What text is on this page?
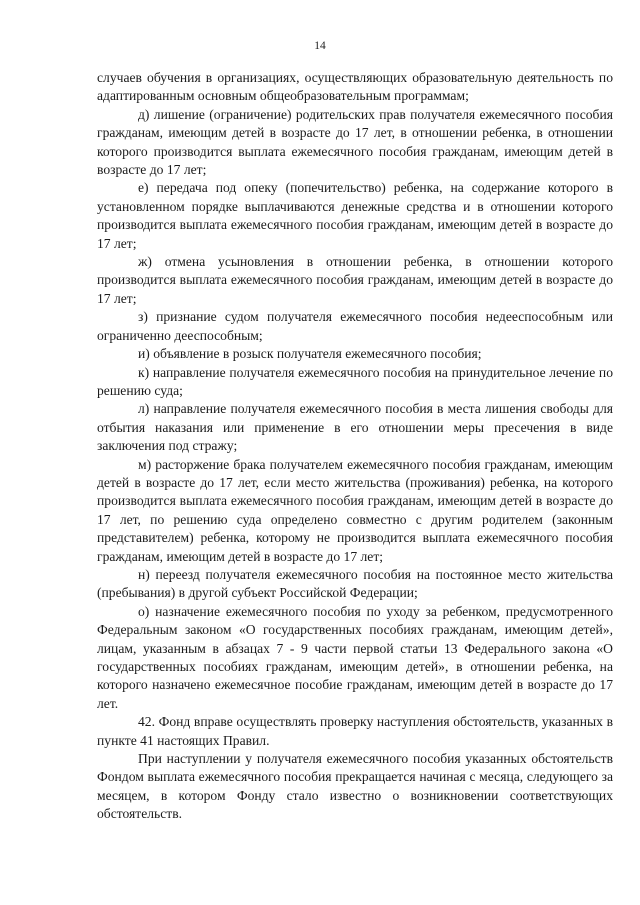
14

случаев обучения в организациях, осуществляющих образовательную деятельность по адаптированным основным общеобразовательным программам;

д) лишение (ограничение) родительских прав получателя ежемесячного пособия гражданам, имеющим детей в возрасте до 17 лет, в отношении ребенка, в отношении которого производится выплата ежемесячного пособия гражданам, имеющим детей в возрасте до 17 лет;

е) передача под опеку (попечительство) ребенка, на содержание которого в установленном порядке выплачиваются денежные средства и в отношении которого производится выплата ежемесячного пособия гражданам, имеющим детей в возрасте до 17 лет;

ж) отмена усыновления в отношении ребенка, в отношении которого производится выплата ежемесячного пособия гражданам, имеющим детей в возрасте до 17 лет;

з) признание судом получателя ежемесячного пособия недееспособным или ограниченно дееспособным;

и) объявление в розыск получателя ежемесячного пособия;

к) направление получателя ежемесячного пособия на принудительное лечение по решению суда;

л) направление получателя ежемесячного пособия в места лишения свободы для отбытия наказания или применение в его отношении меры пресечения в виде заключения под стражу;

м) расторжение брака получателем ежемесячного пособия гражданам, имеющим детей в возрасте до 17 лет, если место жительства (проживания) ребенка, на которого производится выплата ежемесячного пособия гражданам, имеющим детей в возрасте до 17 лет, по решению суда определено совместно с другим родителем (законным представителем) ребенка, которому не производится выплата ежемесячного пособия гражданам, имеющим детей в возрасте до 17 лет;

н) переезд получателя ежемесячного пособия на постоянное место жительства (пребывания) в другой субъект Российской Федерации;

о) назначение ежемесячного пособия по уходу за ребенком, предусмотренного Федеральным законом «О государственных пособиях гражданам, имеющим детей», лицам, указанным в абзацах 7 - 9 части первой статьи 13 Федерального закона «О государственных пособиях гражданам, имеющим детей», в отношении ребенка, на которого назначено ежемесячное пособие гражданам, имеющим детей в возрасте до 17 лет.

42. Фонд вправе осуществлять проверку наступления обстоятельств, указанных в пункте 41 настоящих Правил.

При наступлении у получателя ежемесячного пособия указанных обстоятельств Фондом выплата ежемесячного пособия прекращается начиная с месяца, следующего за месяцем, в котором Фонду стало известно о возникновении соответствующих обстоятельств.
